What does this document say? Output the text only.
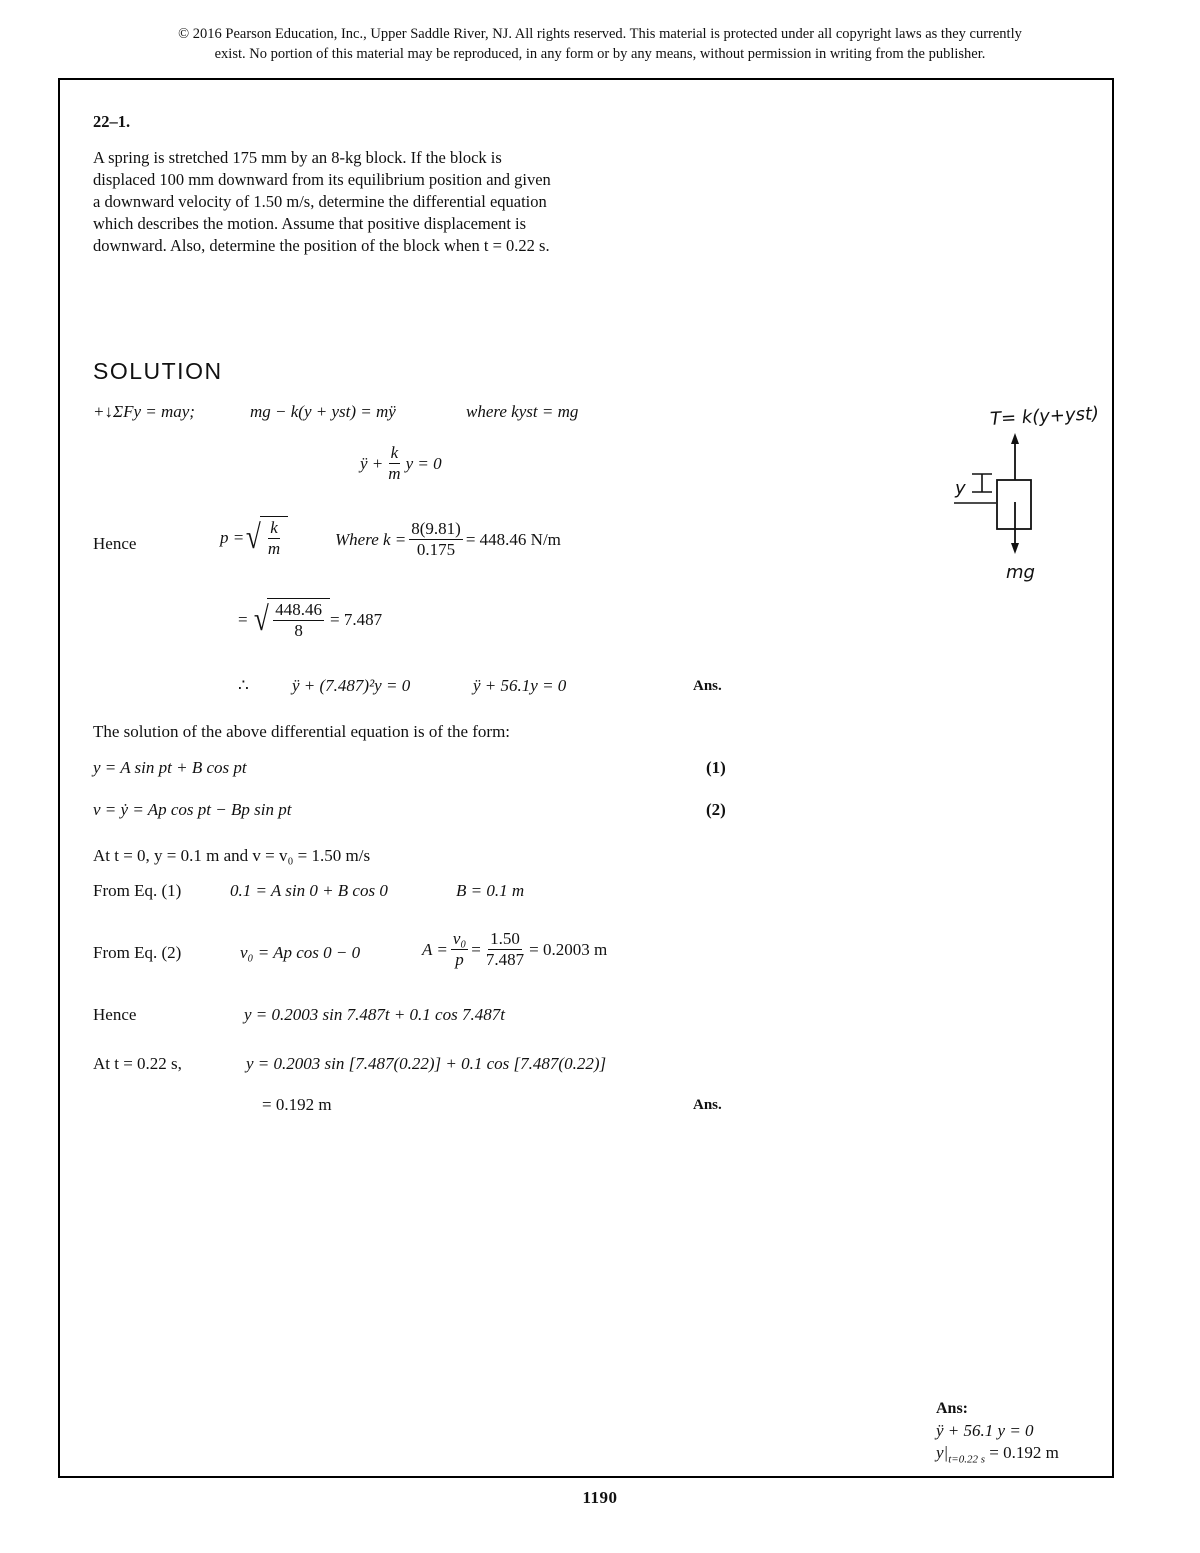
© 2016 Pearson Education, Inc., Upper Saddle River, NJ. All rights reserved. This material is protected under all copyright laws as they currently
exist. No portion of this material may be reproduced, in any form or by any means, without permission in writing from the publisher.
22–1.
A spring is stretched 175 mm by an 8-kg block. If the block is displaced 100 mm downward from its equilibrium position and given a downward velocity of 1.50 m/s, determine the differential equation which describes the motion. Assume that positive displacement is downward. Also, determine the position of the block when t = 0.22 s.
SOLUTION
+↓ΣFy = may;	mg − k(y + yst) = mÿ	where kyst = mg
ÿ + $\frac{k}{m}$ y = 0
Hence	p = √ $\frac{k}{m}$	Where $k = \frac{8(9.81)}{0.175} = 448.46$ N/m
= √ $\frac{448.46}{8} = 7.487$
∴	ÿ + (7.487)²y = 0	ÿ + 56.1y = 0	Ans.
The solution of the above differential equation is of the form:
y = A sin pt + B cos pt	(1)
v = ẏ = Ap cos pt − Bp sin pt	(2)
At t = 0, y = 0.1 m and v = v₀ = 1.50 m/s
From Eq. (1)	0.1 = A sin 0 + B cos 0	B = 0.1 m
From Eq. (2)	v₀ = Ap cos 0 − 0	$A = \frac{\text{v₀}}{p} = \frac{1.50}{7.487} = 0.2003$ m
Hence	y = 0.2003 sin 7.487t + 0.1 cos 7.487t
At t = 0.22 s,	y = 0.2003 sin [7.487(0.22)] + 0.1 cos [7.487(0.22)]
= 0.192 m	Ans.
T= k(y+yst)
y
mg
Ans:
ÿ + 56.1 y = 0
$y|_{t=0.22 s} = 0.192$ m
1190
